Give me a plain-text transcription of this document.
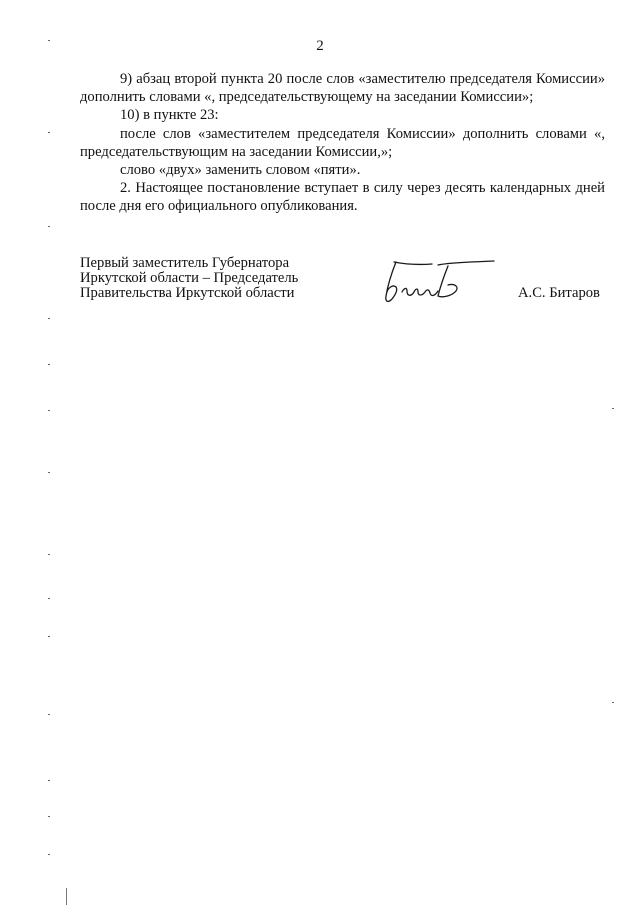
2

9) абзац второй пункта 20 после слов «заместителю председателя Комиссии» дополнить словами «, председательствующему на заседании Комиссии»;

10) в пункте 23:

после слов «заместителем председателя Комиссии» дополнить словами «, председательствующим на заседании Комиссии,»;

слово «двух» заменить словом «пяти».

2. Настоящее постановление вступает в силу через десять календарных дней после дня его официального опубликования.

Первый заместитель Губернатора
Иркутской области – Председатель
Правительства Иркутской области	А.С. Битаров
